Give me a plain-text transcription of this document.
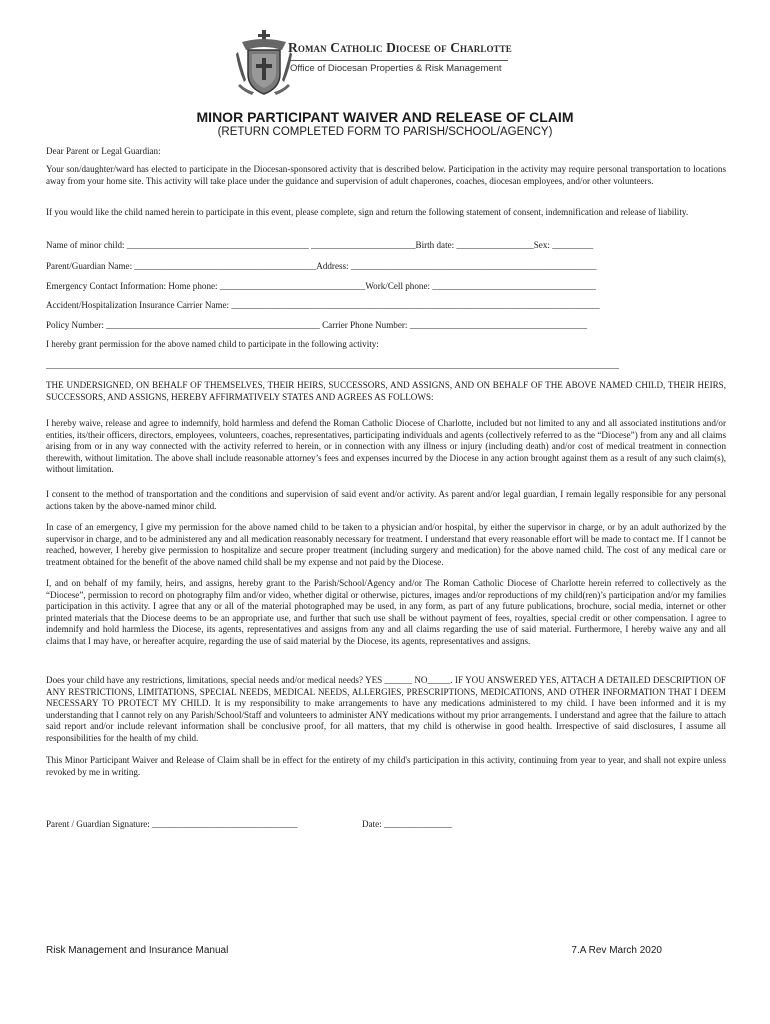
Roman Catholic Diocese of Charlotte
Office of Diocesan Properties & Risk Management
MINOR PARTICIPANT WAIVER AND RELEASE OF CLAIM
(RETURN COMPLETED FORM TO PARISH/SCHOOL/AGENCY)
Dear Parent or Legal Guardian:
Your son/daughter/ward has elected to participate in the Diocesan-sponsored activity that is described below. Participation in the activity may require personal transportation to locations away from your home site. This activity will take place under the guidance and supervision of adult chaperones, coaches, diocesan employees, and/or other volunteers.
If you would like the child named herein to participate in this event, please complete, sign and return the following statement of consent, indemnification and release of liability.
Name of minor child: ________________________________________ _______________________Birth date: _________________Sex: _________
Parent/Guardian Name: ________________________________________Address: ______________________________________________________
Emergency Contact Information: Home phone: ________________________________Work/Cell phone: ____________________________________
Accident/Hospitalization Insurance Carrier Name: _________________________________________________________________________________
Policy Number: _______________________________________________ Carrier Phone Number: _______________________________________
I hereby grant permission for the above named child to participate in the following activity:
______________________________________________________________________________________________________________________________
THE UNDERSIGNED, ON BEHALF OF THEMSELVES, THEIR HEIRS, SUCCESSORS, AND ASSIGNS, AND ON BEHALF OF THE ABOVE NAMED CHILD, THEIR HEIRS, SUCCESSORS, AND ASSIGNS, HEREBY AFFIRMATIVELY STATES AND AGREES AS FOLLOWS:
I hereby waive, release and agree to indemnify, hold harmless and defend the Roman Catholic Diocese of Charlotte, included but not limited to any and all associated institutions and/or entities, its/their officers, directors, employees, volunteers, coaches, representatives, participating individuals and agents (collectively referred to as the “Diocese”) from any and all claims arising from or in any way connected with the activity referred to herein, or in connection with any illness or injury (including death) and/or cost of medical treatment in connection therewith, without limitation. The above shall include reasonable attorney’s fees and expenses incurred by the Diocese in any action brought against them as a result of any such claim(s), without limitation.
I consent to the method of transportation and the conditions and supervision of said event and/or activity. As parent and/or legal guardian, I remain legally responsible for any personal actions taken by the above-named minor child.
In case of an emergency, I give my permission for the above named child to be taken to a physician and/or hospital, by either the supervisor in charge, or by an adult authorized by the supervisor in charge, and to be administered any and all medication reasonably necessary for treatment. I understand that every reasonable effort will be made to contact me. If I cannot be reached, however, I hereby give permission to hospitalize and secure proper treatment (including surgery and medication) for the above named child. The cost of any medical care or treatment obtained for the benefit of the above named child shall be my expense and not paid by the Diocese.
I, and on behalf of my family, heirs, and assigns, hereby grant to the Parish/School/Agency and/or The Roman Catholic Diocese of Charlotte herein referred to collectively as the “Diocese”, permission to record on photography film and/or video, whether digital or otherwise, pictures, images and/or reproductions of my child(ren)’s participation and/or my families participation in this activity. I agree that any or all of the material photographed may be used, in any form, as part of any future publications, brochure, social media, internet or other printed materials that the Diocese deems to be an appropriate use, and further that such use shall be without payment of fees, royalties, special credit or other compensation. I agree to indemnify and hold harmless the Diocese, its agents, representatives and assigns from any and all claims regarding the use of said material. Furthermore, I hereby waive any and all claims that I may have, or hereafter acquire, regarding the use of said material by the Diocese, its agents, representatives and assigns.
Does your child have any restrictions, limitations, special needs and/or medical needs? YES ______ NO_____. IF YOU ANSWERED YES, ATTACH A DETAILED DESCRIPTION OF ANY RESTRICTIONS, LIMITATIONS, SPECIAL NEEDS, MEDICAL NEEDS, ALLERGIES, PRESCRIPTIONS, MEDICATIONS, AND OTHER INFORMATION THAT I DEEM NECESSARY TO PROTECT MY CHILD. It is my responsibility to make arrangements to have any medications administered to my child. I have been informed and it is my understanding that I cannot rely on any Parish/School/Staff and volunteers to administer ANY medications without my prior arrangements. I understand and agree that the failure to attach said report and/or include relevant information shall be conclusive proof, for all matters, that my child is otherwise in good health. Irrespective of said disclosures, I assume all responsibilities for the health of my child.
This Minor Participant Waiver and Release of Claim shall be in effect for the entirety of my child's participation in this activity, continuing from year to year, and shall not expire unless revoked by me in writing.
Parent / Guardian Signature: ________________________________	Date: _______________
Risk Management and Insurance Manual	7.A Rev March 2020
